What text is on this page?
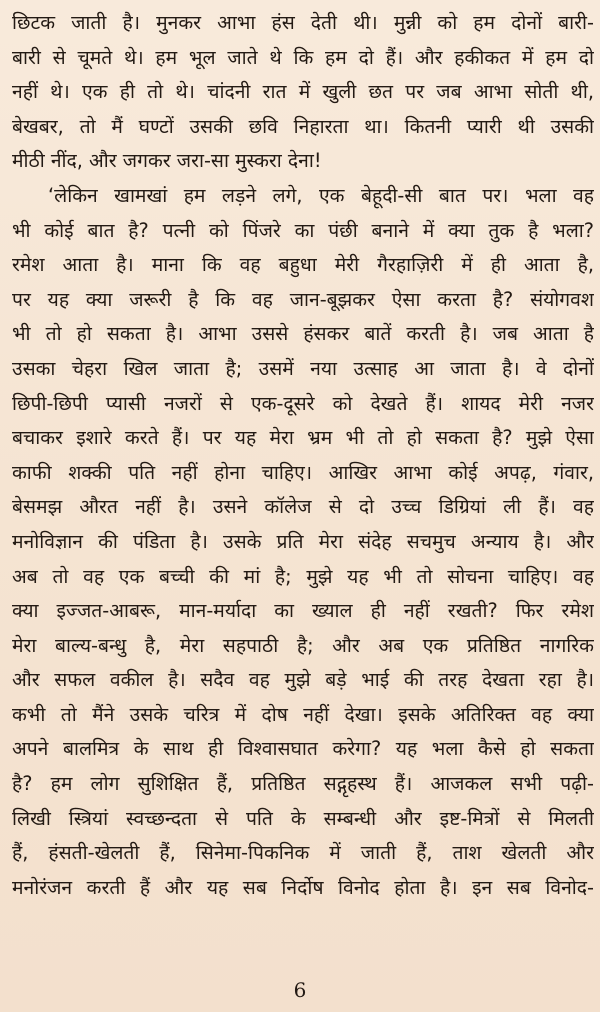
छिटक जाती है। मुनकर आभा हंस देती थी। मुन्नी को हम दोनों बारी-
बारी से चूमते थे। हम भूल जाते थे कि हम दो हैं। और हकीकत में हम दो
नहीं थे। एक ही तो थे। चांदनी रात में खुली छत पर जब आभा सोती थी,
बेखबर, तो मैं घण्टों उसकी छवि निहारता था। कितनी प्यारी थी उसकी
मीठी नींद, और जगकर जरा-सा मुस्करा देना!
‘लेकिन खामखां हम लड़ने लगे, एक बेहूदी-सी बात पर। भला वह
भी कोई बात है? पत्नी को पिंजरे का पंछी बनाने में क्या तुक है भला?
रमेश आता है। माना कि वह बहुधा मेरी गैरहाज़िरी में ही आता है,
पर यह क्या जरूरी है कि वह जान-बूझकर ऐसा करता है? संयोगवश
भी तो हो सकता है। आभा उससे हंसकर बातें करती है। जब आता है
उसका चेहरा खिल जाता है; उसमें नया उत्साह आ जाता है। वे दोनों
छिपी-छिपी प्यासी नजरों से एक-दूसरे को देखते हैं। शायद मेरी नजर
बचाकर इशारे करते हैं। पर यह मेरा भ्रम भी तो हो सकता है? मुझे ऐसा
काफी शक्की पति नहीं होना चाहिए। आखिर आभा कोई अपढ़, गंवार,
बेसमझ औरत नहीं है। उसने कॉलेज से दो उच्च डिग्रियां ली हैं। वह
मनोविज्ञान की पंडिता है। उसके प्रति मेरा संदेह सचमुच अन्याय है। और
अब तो वह एक बच्ची की मां है; मुझे यह भी तो सोचना चाहिए। वह
क्या इज्जत-आबरू, मान-मर्यादा का ख्याल ही नहीं रखती? फिर रमेश
मेरा बाल्य-बन्धु है, मेरा सहपाठी है; और अब एक प्रतिष्ठित नागरिक
और सफल वकील है। सदैव वह मुझे बड़े भाई की तरह देखता रहा है।
कभी तो मैंने उसके चरित्र में दोष नहीं देखा। इसके अतिरिक्त वह क्या
अपने बालमित्र के साथ ही विश्वासघात करेगा? यह भला कैसे हो सकता
है? हम लोग सुशिक्षित हैं, प्रतिष्ठित सद्गृहस्थ हैं। आजकल सभी पढ़ी-
लिखी स्त्रियां स्वच्छन्दता से पति के सम्बन्धी और इष्ट-मित्रों से मिलती
हैं, हंसती-खेलती हैं, सिनेमा-पिकनिक में जाती हैं, ताश खेलती और
मनोरंजन करती हैं और यह सब निर्दोष विनोद होता है। इन सब विनोद-
6
